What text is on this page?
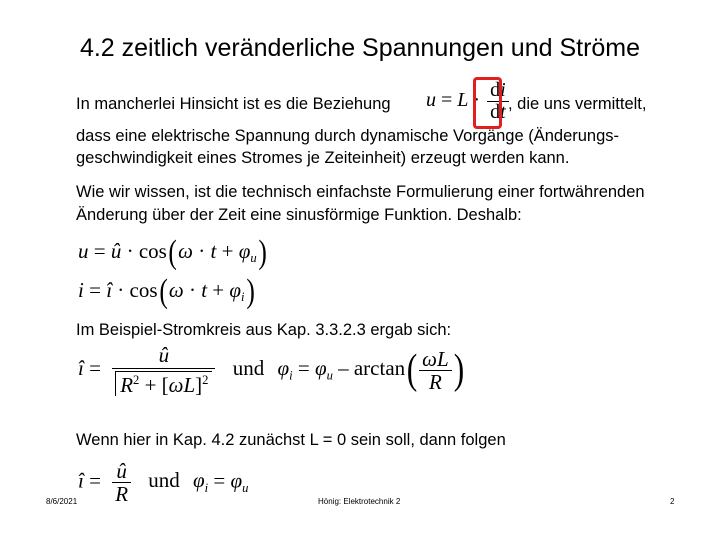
4.2 zeitlich veränderliche Spannungen und Ströme
In mancherlei Hinsicht ist es die Beziehung $u = L \cdot \frac{di}{dt}$ , die uns vermittelt,
dass eine elektrische Spannung durch dynamische Vorgänge (Änderungs-
geschwindigkeit eines Stromes je Zeiteinheit) erzeugt werden kann.
Wie wir wissen, ist die technisch einfachste Formulierung einer fortwährenden
Änderung über der Zeit eine sinusförmige Funktion. Deshalb:
u = û · $\cos(\omega \cdot t + \varphi_u)$
i = î · $\cos(\omega \cdot t + \varphi_i)$
Im Beispiel-Stromkreis aus Kap. 3.3.2.3 ergab sich:
î = $\frac{û}{R^2 + [\omega L]^2}$ und $\varphi_i = \varphi_u - \arctan( \frac{\omega L}{R}$ )
Wenn hier in Kap. 4.2 zunächst L = 0 sein soll, dann folgen
î = $\frac{û}{R}$ und $\varphi_i = \varphi_u$
8/6/2021	Hönig: Elektrotechnik 2	2
